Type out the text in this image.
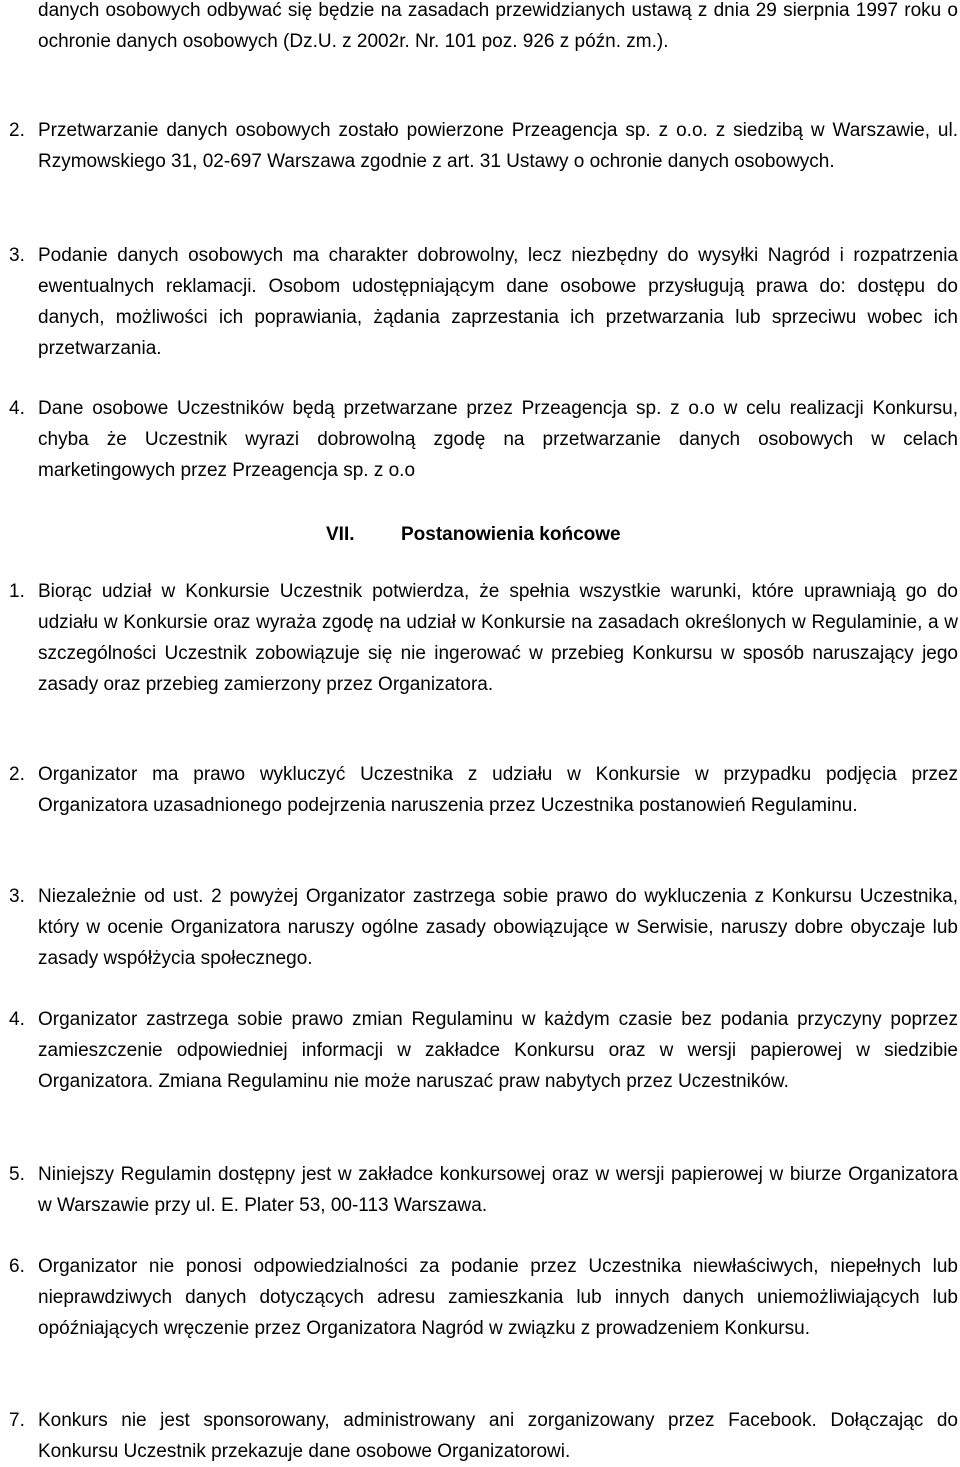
danych osobowych odbywać się będzie na zasadach przewidzianych ustawą z dnia 29 sierpnia 1997 roku o ochronie danych osobowych (Dz.U. z 2002r. Nr. 101 poz. 926 z późn. zm.).
2. Przetwarzanie danych osobowych zostało powierzone Przeagencja sp. z o.o. z siedzibą w Warszawie, ul. Rzymowskiego 31, 02-697 Warszawa zgodnie z art. 31 Ustawy o ochronie danych osobowych.
3. Podanie danych osobowych ma charakter dobrowolny, lecz niezbędny do wysyłki Nagród i rozpatrzenia ewentualnych reklamacji. Osobom udostępniającym dane osobowe przysługują prawa do: dostępu do danych, możliwości ich poprawiania, żądania zaprzestania ich przetwarzania lub sprzeciwu wobec ich przetwarzania.
4. Dane osobowe Uczestników będą przetwarzane przez Przeagencja sp. z o.o w celu realizacji Konkursu, chyba że Uczestnik wyrazi dobrowolną zgodę na przetwarzanie danych osobowych w celach marketingowych przez Przeagencja sp. z o.o
VII. Postanowienia końcowe
1. Biorąc udział w Konkursie Uczestnik potwierdza, że spełnia wszystkie warunki, które uprawniają go do udziału w Konkursie oraz wyraża zgodę na udział w Konkursie na zasadach określonych w Regulaminie, a w szczególności Uczestnik zobowiązuje się nie ingerować w przebieg Konkursu w sposób naruszający jego zasady oraz przebieg zamierzony przez Organizatora.
2. Organizator ma prawo wykluczyć Uczestnika z udziału w Konkursie w przypadku podjęcia przez Organizatora uzasadnionego podejrzenia naruszenia przez Uczestnika postanowień Regulaminu.
3. Niezależnie od ust. 2 powyżej Organizator zastrzega sobie prawo do wykluczenia z Konkursu Uczestnika, który w ocenie Organizatora naruszy ogólne zasady obowiązujące w Serwisie, naruszy dobre obyczaje lub zasady współżycia społecznego.
4. Organizator zastrzega sobie prawo zmian Regulaminu w każdym czasie bez podania przyczyny poprzez zamieszczenie odpowiedniej informacji w zakładce Konkursu oraz w wersji papierowej w siedzibie Organizatora. Zmiana Regulaminu nie może naruszać praw nabytych przez Uczestników.
5. Niniejszy Regulamin dostępny jest w zakładce konkursowej oraz w wersji papierowej w biurze Organizatora w Warszawie przy ul. E. Plater 53, 00-113 Warszawa.
6. Organizator nie ponosi odpowiedzialności za podanie przez Uczestnika niewłaściwych, niepełnych lub nieprawdziwych danych dotyczących adresu zamieszkania lub innych danych uniemożliwiających lub opóźniających wręczenie przez Organizatora Nagród w związku z prowadzeniem Konkursu.
7. Konkurs nie jest sponsorowany, administrowany ani zorganizowany przez Facebook. Dołączając do Konkursu Uczestnik przekazuje dane osobowe Organizatorowi.
